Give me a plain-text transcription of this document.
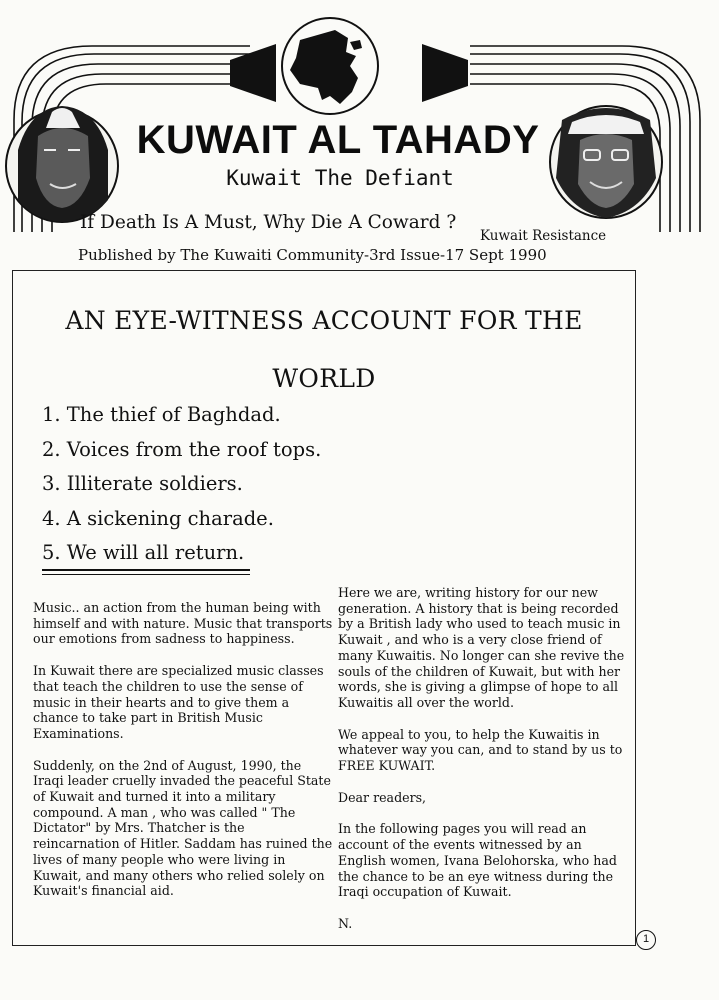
KUWAIT AL TAHADY
Kuwait The Defiant
If Death Is A Must, Why Die A Coward ?
Kuwait Resistance
Published by The Kuwaiti Community-3rd Issue-17 Sept 1990
AN EYE-WITNESS ACCOUNT FOR THE WORLD
1. The thief of Baghdad.
2. Voices from the roof tops.
3. Illiterate soldiers.
4. A sickening charade.
5. We will all return.

Music.. an action from the human being with himself and with nature. Music that transports our emotions from sadness to happiness.

In Kuwait there are specialized music classes that teach the children to use the sense of music in their hearts and to give them a chance to take part in British Music Examinations.

Suddenly, on the 2nd of August, 1990, the Iraqi leader cruelly invaded the peaceful State of Kuwait and turned it into a military compound. A man , who was called " The Dictator" by Mrs. Thatcher is the reincarnation of Hitler. Saddam has ruined the lives of many people who were living in Kuwait, and many others who relied solely on Kuwait's financial aid.

Here we are, writing history for our new generation. A history that is being recorded by a British lady who used to teach music in Kuwait , and who is a very close friend of many Kuwaitis. No longer can she revive the souls of the children of Kuwait, but with her words, she is giving a glimpse of hope to all Kuwaitis all over the world.

We appeal to you, to help the Kuwaitis in whatever way you can, and to stand by us to FREE KUWAIT.

Dear readers,

In the following pages you will read an account of the events witnessed by an English women, Ivana Belohorska, who had the chance to be an eye witness during the Iraqi occupation of Kuwait.

N.

1
